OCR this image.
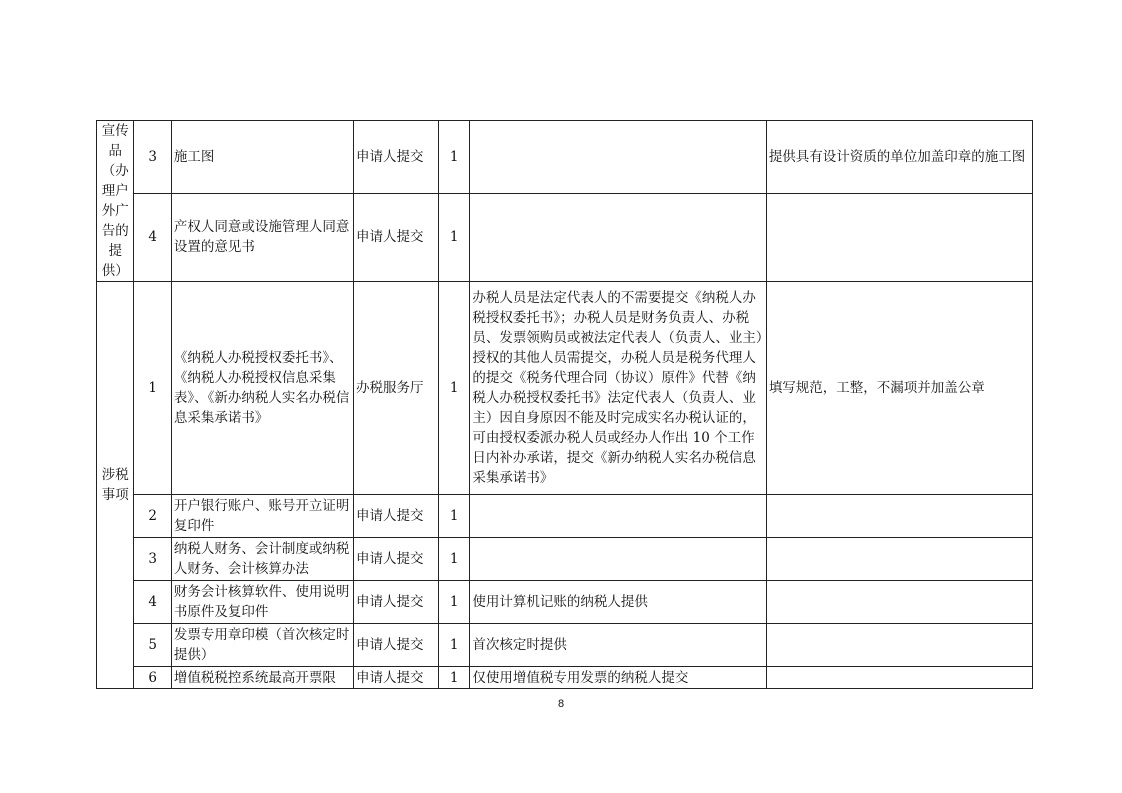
宣传品（办理户外广告的提供）	3	施工图	申请人提交	1		提供具有设计资质的单位加盖印章的施工图
	4	产权人同意或设施管理人同意设置的意见书	申请人提交	1		
涉税事项	1	《纳税人办税授权委托书》、《纳税人办税授权信息采集表》、《新办纳税人实名办税信息采集承诺书》	办税服务厅	1	办税人员是法定代表人的不需要提交《纳税人办税授权委托书》；办税人员是财务负责人、办税员、发票领购员或被法定代表人（负责人、业主）授权的其他人员需提交，办税人员是税务代理人的提交《税务代理合同（协议）原件》代替《纳税人办税授权委托书》法定代表人（负责人、业主）因自身原因不能及时完成实名办税认证的，可由授权委派办税人员或经办人作出 10 个工作日内补办承诺，提交《新办纳税人实名办税信息采集承诺书》	填写规范，工整，不漏项并加盖公章
	2	开户银行账户、账号开立证明复印件	申请人提交	1		
	3	纳税人财务、会计制度或纳税人财务、会计核算办法	申请人提交	1		
	4	财务会计核算软件、使用说明书原件及复印件	申请人提交	1	使用计算机记账的纳税人提供	
	5	发票专用章印模（首次核定时提供）	申请人提交	1	首次核定时提供	
	6	增值税税控系统最高开票限	申请人提交	1	仅使用增值税专用发票的纳税人提交	
8
